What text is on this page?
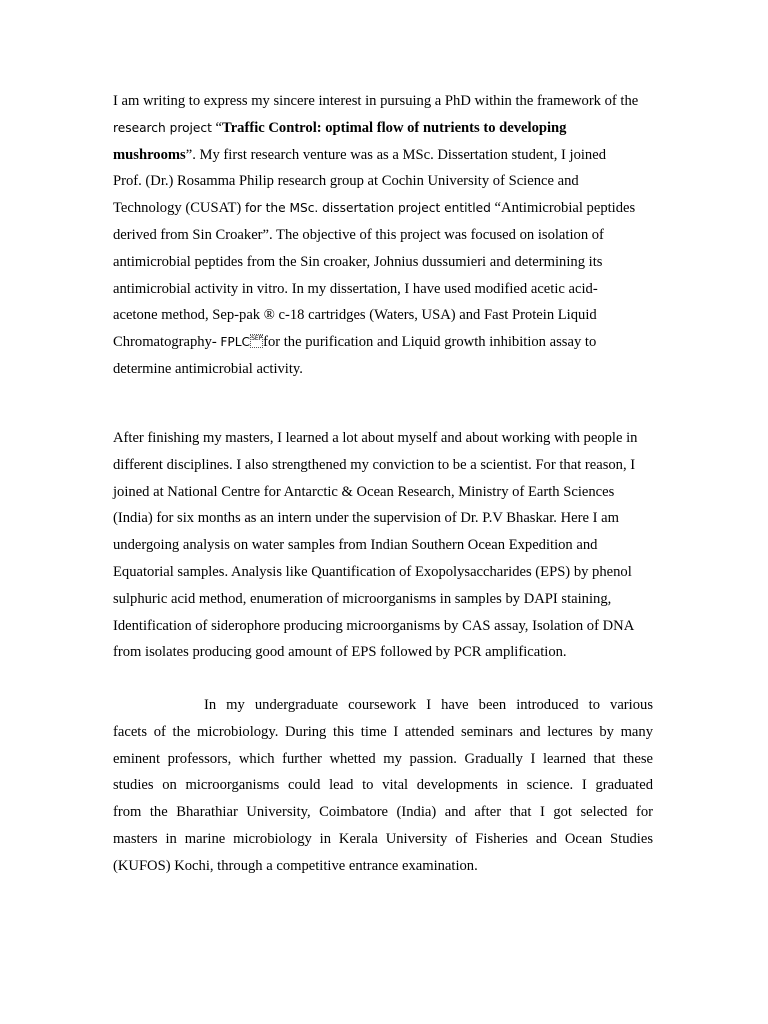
I am writing to express my sincere interest in pursuing a PhD within the framework of the
research project “Traffic Control: optimal flow of nutrients to developing
mushrooms”. My first research venture was as a MSc. Dissertation student, I joined
Prof. (Dr.) Rosamma Philip research group at Cochin University of Science and
Technology (CUSAT) for the MSc. dissertation project entitled “Antimicrobial peptides
derived from Sin Croaker”. The objective of this project was focused on isolation of
antimicrobial peptides from the Sin croaker, Johnius dussumieri and determining its
antimicrobial activity in vitro. In my dissertation, I have used modified acetic acid-
acetone method, Sep-pak ® c-18 cartridges (Waters, USA) and Fast Protein Liquid
Chromatography- FPLCSEPfor the purification and Liquid growth inhibition assay to
determine antimicrobial activity.
After finishing my masters, I learned a lot about myself and about working with people in
different disciplines. I also strengthened my conviction to be a scientist. For that reason, I
joined at National Centre for Antarctic & Ocean Research, Ministry of Earth Sciences
(India) for six months as an intern under the supervision of Dr. P.V Bhaskar. Here I am
undergoing analysis on water samples from Indian Southern Ocean Expedition and
Equatorial samples. Analysis like Quantification of Exopolysaccharides (EPS) by phenol
sulphuric acid method, enumeration of microorganisms in samples by DAPI staining,
Identification of siderophore producing microorganisms by CAS assay, Isolation of DNA
from isolates producing good amount of EPS followed by PCR amplification.
In my undergraduate coursework I have been introduced to various
facets of the microbiology. During this time I attended seminars and lectures by many
eminent professors, which further whetted my passion. Gradually I learned that these
studies on microorganisms could lead to vital developments in science. I graduated
from the Bharathiar University, Coimbatore (India) and after that I got selected for
masters in marine microbiology in Kerala University of Fisheries and Ocean Studies
(KUFOS) Kochi, through a competitive entrance examination.
